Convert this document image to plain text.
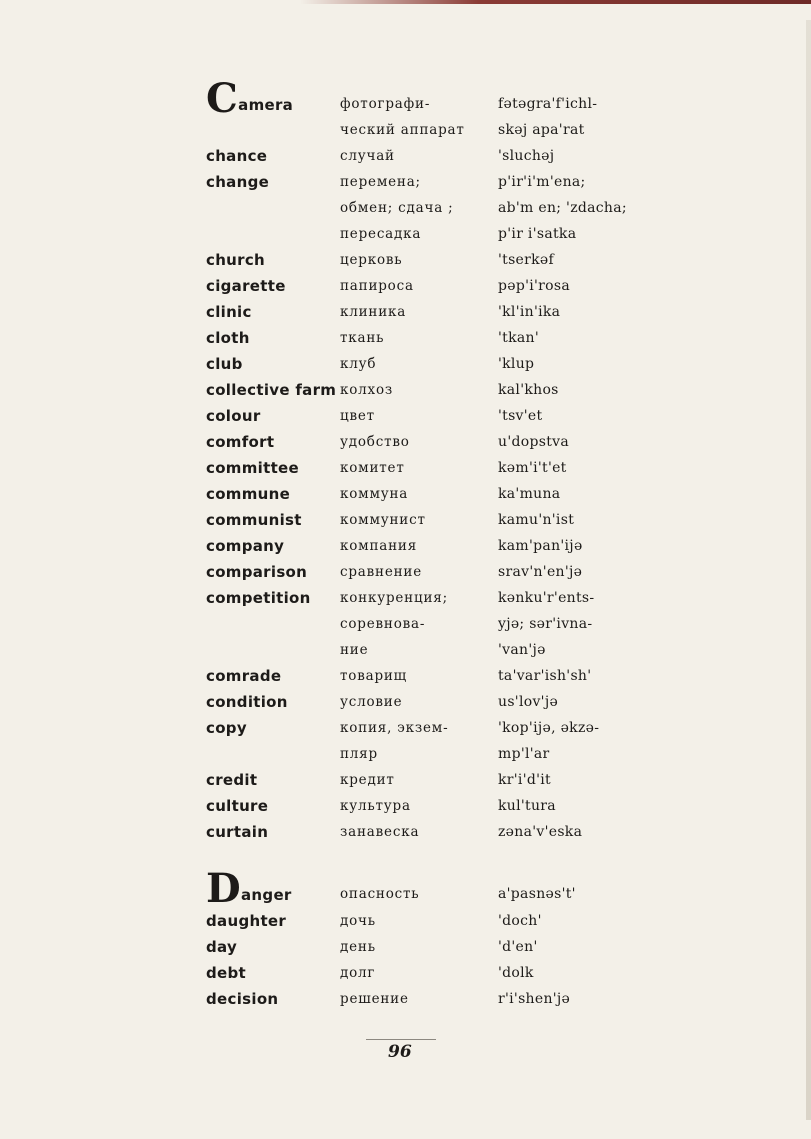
Camera	фотографи-	fətəgra'f'ichl-
ческий аппарат skəj apa'rat
chance	случай	'sluchəj
change	перемена;	p'ir'i'm'ena;
обмен; сдача ;	ab'm en; 'zdacha;
пересадка	p'ir i'satka
church	церковь	'tserkəf
cigarette	папироса	pəp'i'rosa
clinic	клиника	'kl'in'ika
cloth	ткань	'tkan'
club	клуб	'klup
collective farm колхоз	kal'khos
colour	цвет	'tsv'et
comfort	удобство	u'dopstva
committee	комитет	kəm'i't'et
commune	коммуна	ka'muna
communist	коммунист	kamu'n'ist
company	компания	kam'pan'ijə
comparison сравнение	srav'n'en'jə
competition конкуренция;	kənku'r'ents-
соревнова-	yjə; sər'ivna-
ние	'van'jə
comrade	товарищ	ta'var'ish'sh'
condition	условие	us'lov'jə
copy	копия, экзем-	'kop'ijə, əkzə-
пляр	mp'l'ar
credit	кредит	kr'i'd'it
culture	культура	kul'tura
curtain	занавеска	zəna'v'eska
Danger	опасность	a'pasnəs't'
daughter	дочь	'doch'
day	день	'd'en'
debt	долг	'dolk
decision	решение	r'i'shen'jə
96
